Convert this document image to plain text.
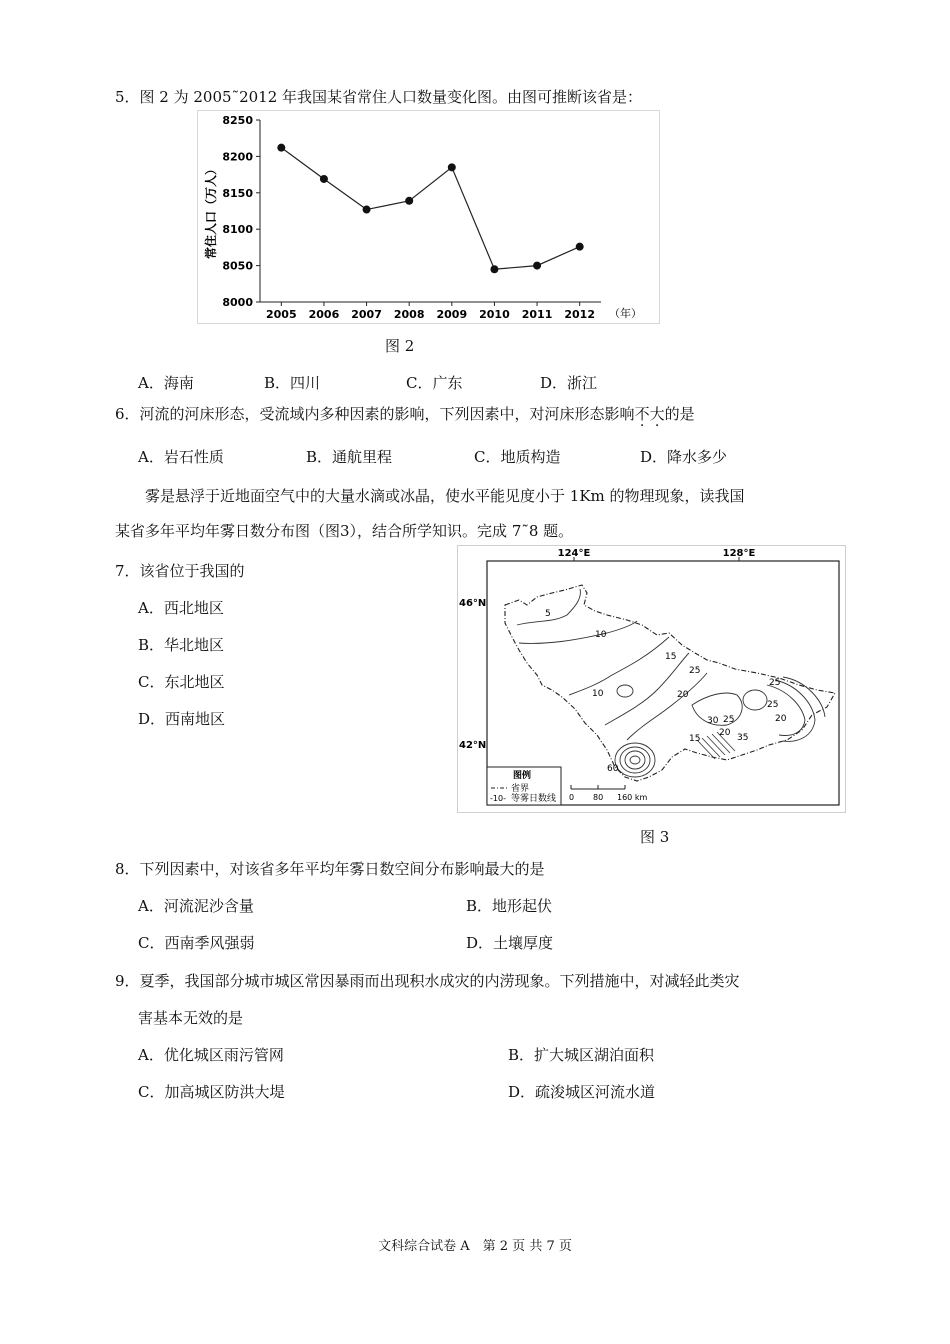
5．图 2 为 2005˜2012 年我国某省常住人口数量变化图。由图可推断该省是：
8000
8050
8100
8150
8200
8250
2005 2006 2007 2008 2009 2010 2011 2012
常住人口（万人）
（年）
图 2
A．海南	B．四川	C．广东	D．浙江
6．河流的河床形态，受流域内多种因素的影响，下列因素中，对河床形态影响不大的是
A．岩石性质	B．通航里程	C．地质构造	D．降水多少
雾是悬浮于近地面空气中的大量水滴或冰晶，使水平能见度小于 1Km 的物理现象，读我国
某省多年平均年雾日数分布图（图3），结合所学知识。完成 7˜8 题。
7．该省位于我国的
A．西北地区
B．华北地区
C．东北地区
D．西南地区
124°E	128°E
46°N
42°N
5
10
10
15
20
25
30 25
20
15	35
25
20
25
60
图例
省界
-10- 等雾日数线 0 80 160 km
图 3
8．下列因素中，对该省多年平均年雾日数空间分布影响最大的是
A．河流泥沙含量	B．地形起伏
C．西南季风强弱	D．土壤厚度
9．夏季，我国部分城市城区常因暴雨而出现积水成灾的内涝现象。下列措施中，对减轻此类灾
害基本无效的是
A．优化城区雨污管网	B．扩大城区湖泊面积
C．加高城区防洪大堤	D．疏浚城区河流水道
文科综合试卷 A　第 2 页 共 7 页
